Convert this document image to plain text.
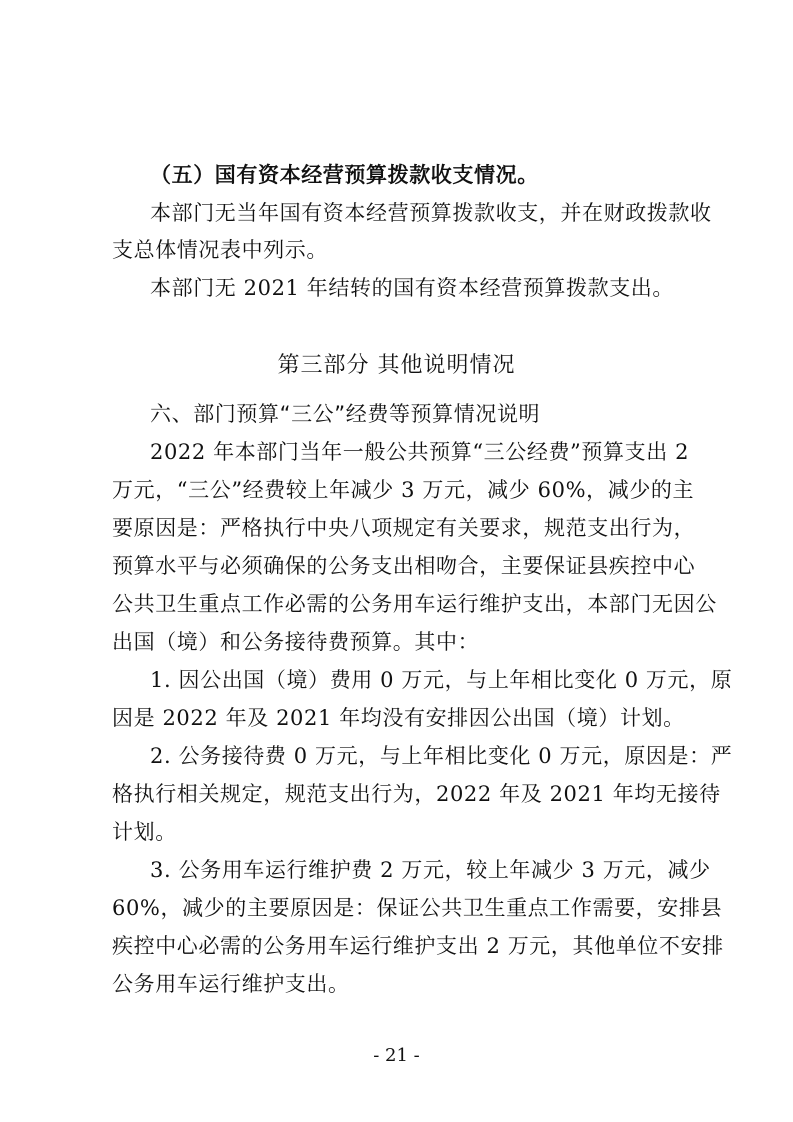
（五）国有资本经营预算拨款收支情况。
本部门无当年国有资本经营预算拨款收支，并在财政拨款收
支总体情况表中列示。
本部门无 2021 年结转的国有资本经营预算拨款支出。
第三部分 其他说明情况
六、部门预算“三公”经费等预算情况说明
2022 年本部门当年一般公共预算“三公经费”预算支出 2
万元，“三公”经费较上年减少 3 万元，减少 60%，减少的主
要原因是：严格执行中央八项规定有关要求，规范支出行为，
预算水平与必须确保的公务支出相吻合，主要保证县疾控中心
公共卫生重点工作必需的公务用车运行维护支出，本部门无因公
出国（境）和公务接待费预算。其中：
1. 因公出国（境）费用 0 万元，与上年相比变化 0 万元，原
因是 2022 年及 2021 年均没有安排因公出国（境）计划。
2. 公务接待费 0 万元，与上年相比变化 0 万元，原因是：严
格执行相关规定，规范支出行为，2022 年及 2021 年均无接待
计划。
3. 公务用车运行维护费 2 万元，较上年减少 3 万元，减少
60%，减少的主要原因是：保证公共卫生重点工作需要，安排县
疾控中心必需的公务用车运行维护支出 2 万元，其他单位不安排
公务用车运行维护支出。
- 21 -
